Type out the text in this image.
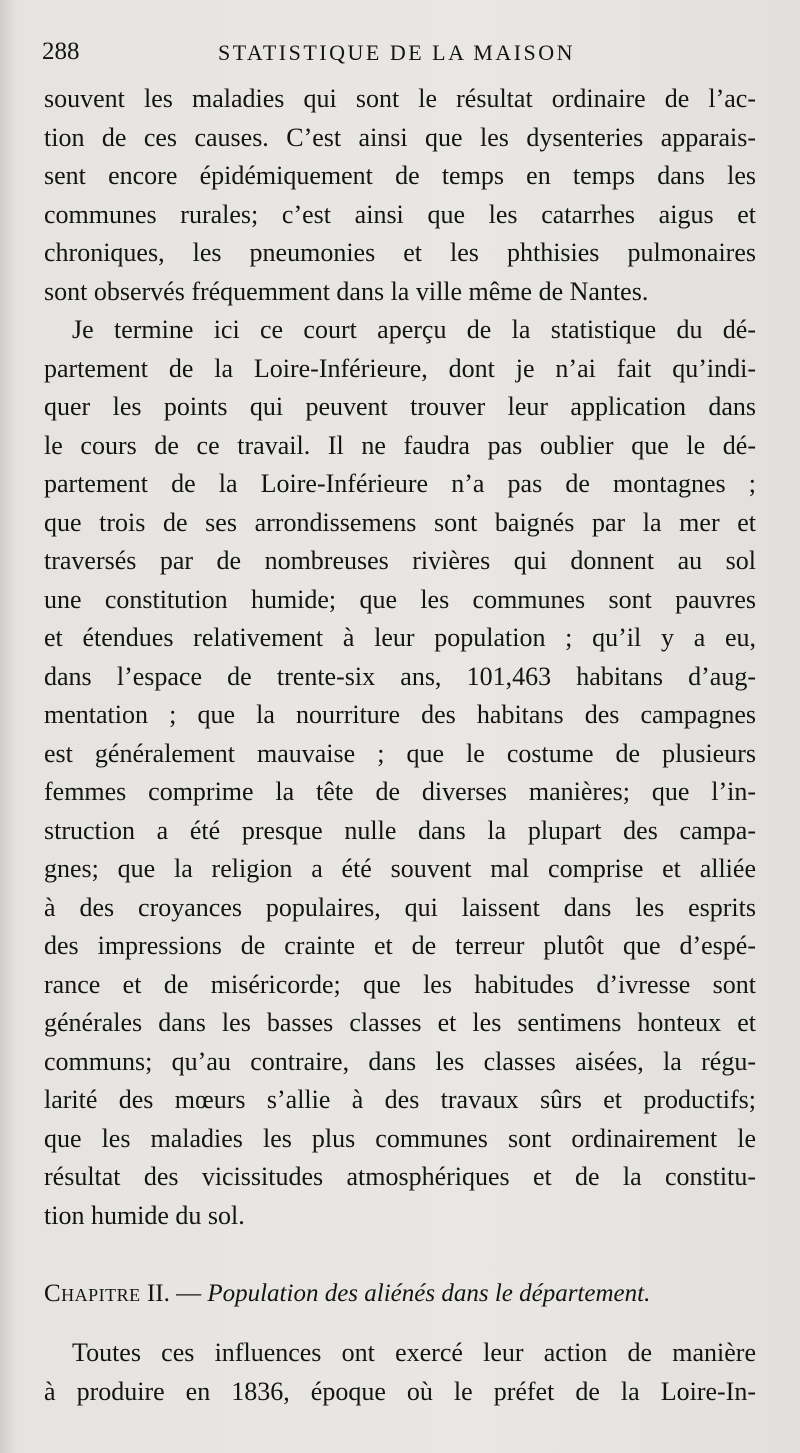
288	STATISTIQUE DE LA MAISON
souvent les maladies qui sont le résultat ordinaire de l’ac-
tion de ces causes. C’est ainsi que les dysenteries apparais-
sent encore épidémiquement de temps en temps dans les
communes rurales; c’est ainsi que les catarrhes aigus et
chroniques, les pneumonies et les phthisies pulmonaires
sont observés fréquemment dans la ville même de Nantes.
Je termine ici ce court aperçu de la statistique du dé-
partement de la Loire-Inférieure, dont je n’ai fait qu’indi-
quer les points qui peuvent trouver leur application dans
le cours de ce travail. Il ne faudra pas oublier que le dé-
partement de la Loire-Inférieure n’a pas de montagnes ;
que trois de ses arrondissemens sont baignés par la mer et
traversés par de nombreuses rivières qui donnent au sol
une constitution humide; que les communes sont pauvres
et étendues relativement à leur population ; qu’il y a eu,
dans l’espace de trente-six ans, 101,463 habitans d’aug-
mentation ; que la nourriture des habitans des campagnes
est généralement mauvaise ; que le costume de plusieurs
femmes comprime la tête de diverses manières; que l’in-
struction a été presque nulle dans la plupart des campa-
gnes; que la religion a été souvent mal comprise et alliée
à des croyances populaires, qui laissent dans les esprits
des impressions de crainte et de terreur plutôt que d’espé-
rance et de miséricorde; que les habitudes d’ivresse sont
générales dans les basses classes et les sentimens honteux et
communs; qu’au contraire, dans les classes aisées, la régu-
larité des mœurs s’allie à des travaux sûrs et productifs;
que les maladies les plus communes sont ordinairement le
résultat des vicissitudes atmosphériques et de la constitu-
tion humide du sol.
Chapitre II. — Population des aliénés dans le département.
Toutes ces influences ont exercé leur action de manière
à produire en 1836, époque où le préfet de la Loire-In-
